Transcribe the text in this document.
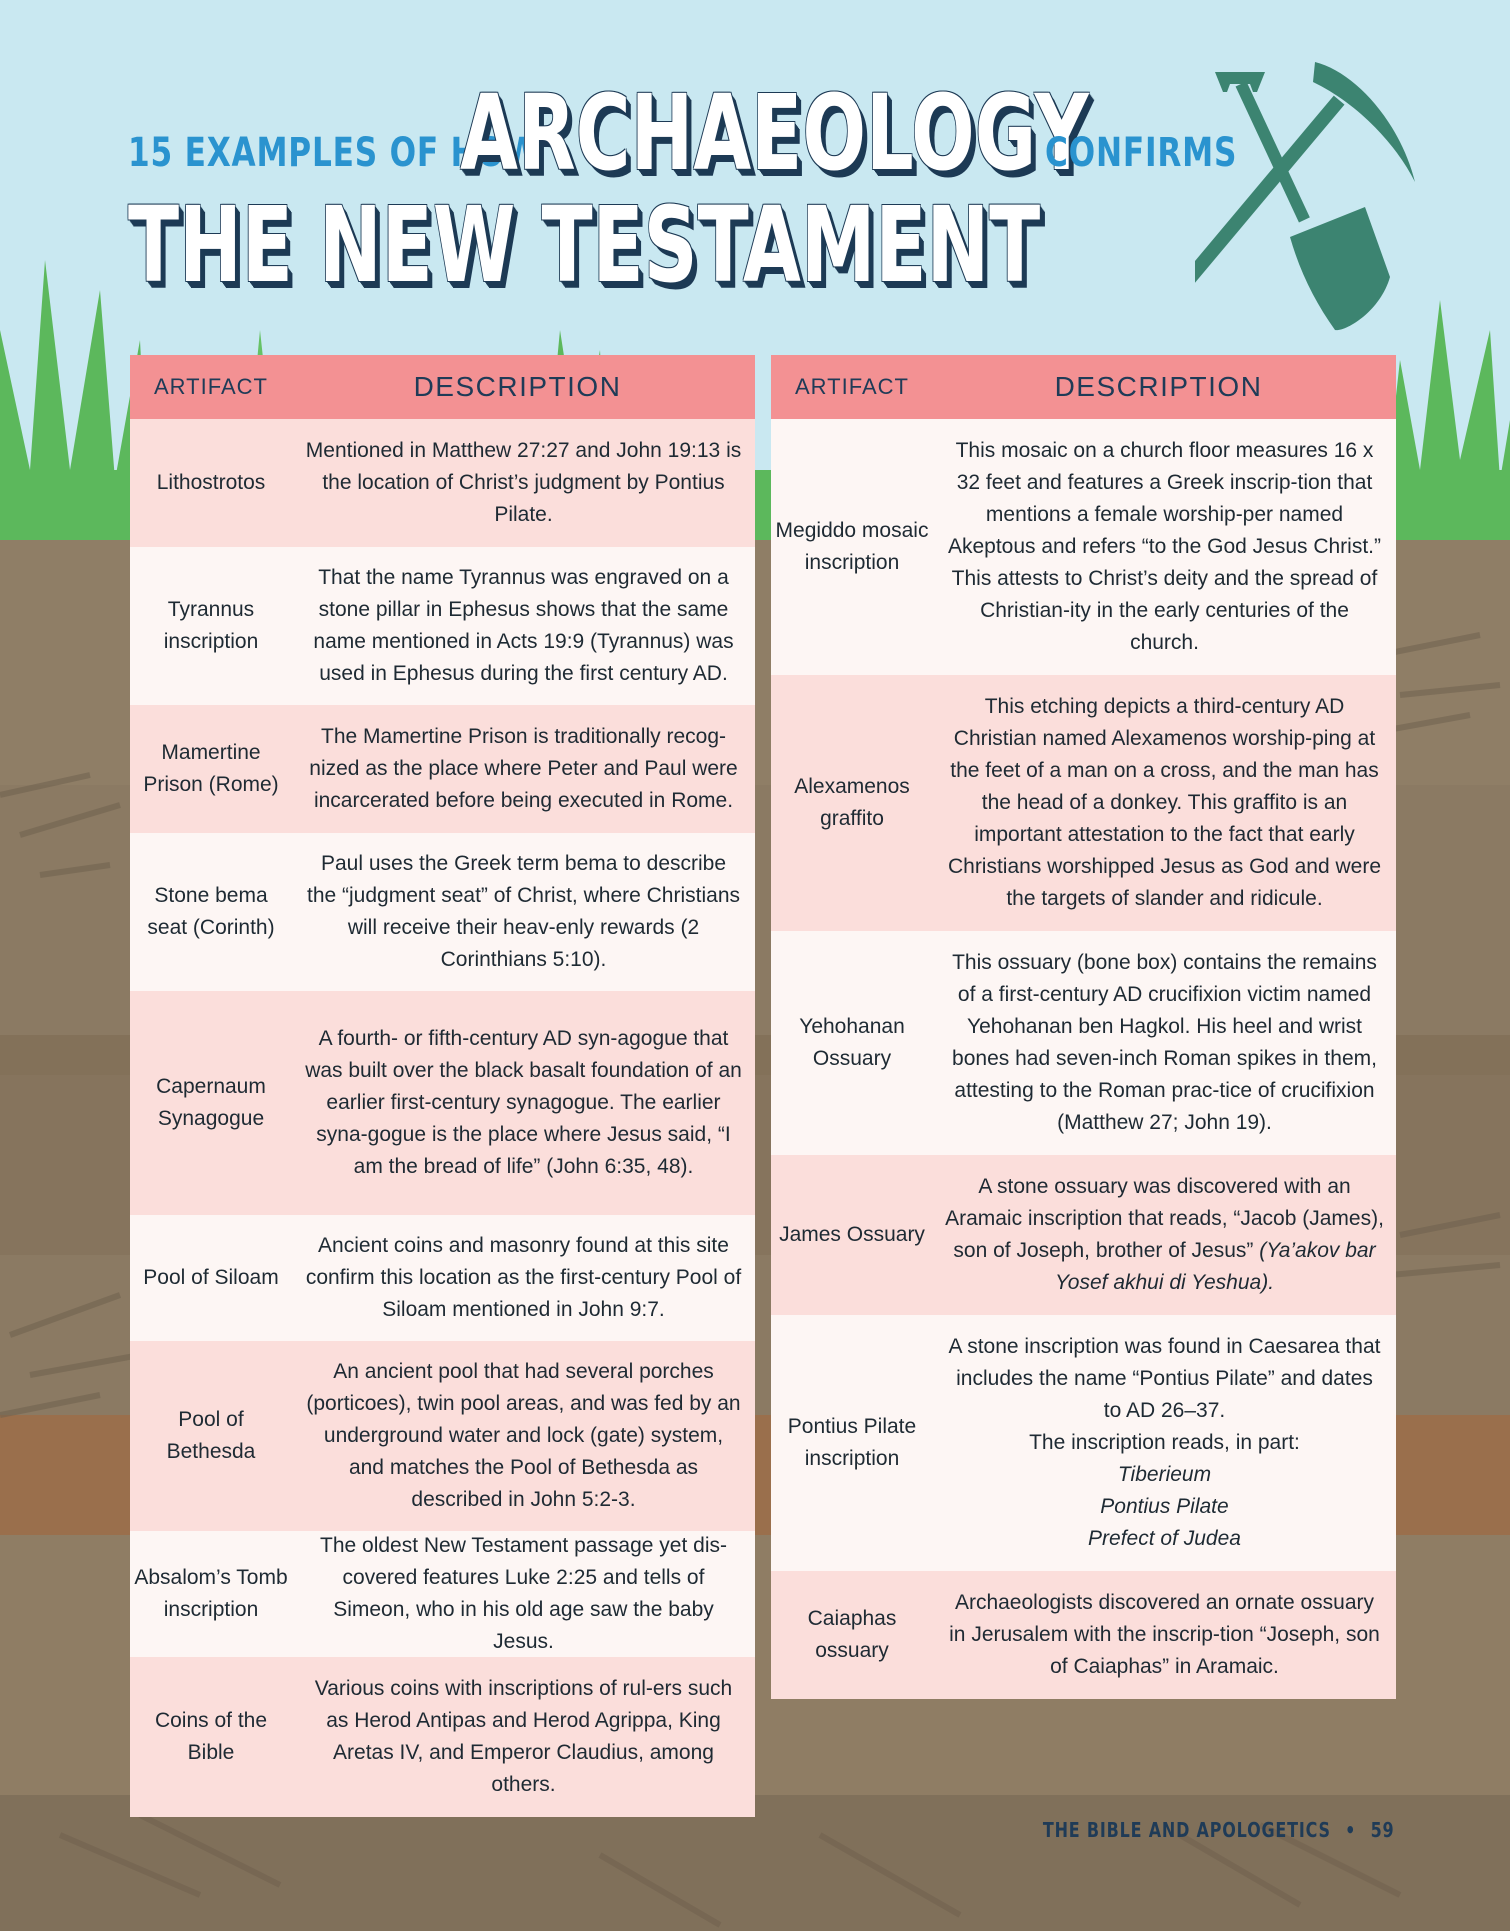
15 EXAMPLES OF HOW
ARCHAEOLOGY
CONFIRMS
THE NEW TESTAMENT
ARTIFACT	DESCRIPTION
Lithostrotos
Mentioned in Matthew 27:27 and John 19:13 is the location of Christ’s judgment by Pontius Pilate.
Tyrannus inscription
That the name Tyrannus was engraved on a stone pillar in Ephesus shows that the same name mentioned in Acts 19:9 (Tyrannus) was used in Ephesus during the first century AD.
Mamertine Prison (Rome)
The Mamertine Prison is traditionally recog-nized as the place where Peter and Paul were incarcerated before being executed in Rome.
Stone bema seat (Corinth)
Paul uses the Greek term bema to describe the “judgment seat” of Christ, where Christians will receive their heav-enly rewards (2 Corinthians 5:10).
Capernaum Synagogue
A fourth- or fifth-century AD syn-agogue that was built over the black basalt foundation of an earlier first-century synagogue. The earlier syna-gogue is the place where Jesus said, “I am the bread of life” (John 6:35, 48).
Pool of Siloam
Ancient coins and masonry found at this site confirm this location as the first-century Pool of Siloam mentioned in John 9:7.
Pool of Bethesda
An ancient pool that had several porches (porticoes), twin pool areas, and was fed by an underground water and lock (gate) system, and matches the Pool of Bethesda as described in John 5:2-3.
Absalom’s Tomb inscription
The oldest New Testament passage yet dis-covered features Luke 2:25 and tells of Simeon, who in his old age saw the baby Jesus.
Coins of the Bible
Various coins with inscriptions of rul-ers such as Herod Antipas and Herod Agrippa, King Aretas IV, and Emperor Claudius, among others.
ARTIFACT	DESCRIPTION
Megiddo mosaic inscription
This mosaic on a church floor measures 16 x 32 feet and features a Greek inscrip-tion that mentions a female worship-per named Akeptous and refers “to the God Jesus Christ.” This attests to Christ’s deity and the spread of Christian-ity in the early centuries of the church.
Alexamenos graffito
This etching depicts a third-century AD Christian named Alexamenos worship-ping at the feet of a man on a cross, and the man has the head of a donkey. This graffito is an important attestation to the fact that early Christians worshipped Jesus as God and were the targets of slander and ridicule.
Yehohanan Ossuary
This ossuary (bone box) contains the remains of a first-century AD crucifixion victim named Yehohanan ben Hagkol. His heel and wrist bones had seven-inch Roman spikes in them, attesting to the Roman prac-tice of crucifixion (Matthew 27; John 19).
James Ossuary
A stone ossuary was discovered with an Aramaic inscription that reads, “Jacob (James), son of Joseph, brother of Jesus” (Ya’akov bar Yosef akhui di Yeshua).
Pontius Pilate inscription
A stone inscription was found in Caesarea that includes the name “Pontius Pilate” and dates to AD 26–37.
The inscription reads, in part:
Tiberieum
Pontius Pilate
Prefect of Judea
Caiaphas ossuary
Archaeologists discovered an ornate ossuary in Jerusalem with the inscrip-tion “Joseph, son of Caiaphas” in Aramaic.
THE BIBLE AND APOLOGETICS • 59
